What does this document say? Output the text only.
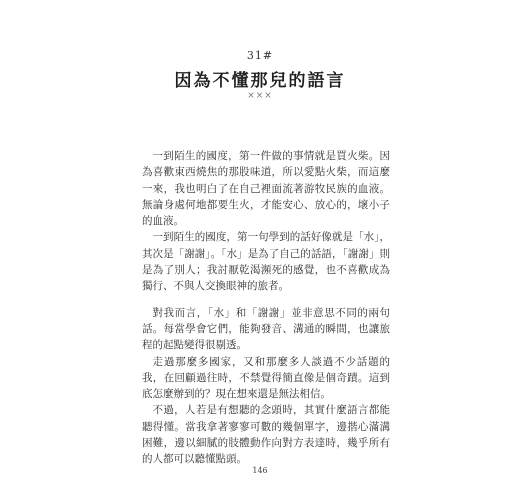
31#
因為不懂那兒的語言
×××

一到陌生的國度，第一件做的事情就是買火柴。因為喜歡東西燒焦的那股味道，所以愛點火柴，而這麼一來，我也明白了在自己裡面流著游牧民族的血液。無論身處何地都要生火，才能安心、放心的，壞小子的血液。

一到陌生的國度，第一句學到的話好像就是「水」，其次是「謝謝」。「水」是為了自己的話語，「謝謝」則是為了別人；我討厭乾渴瀕死的感覺，也不喜歡成為獨行、不與人交換眼神的旅者。

對我而言，「水」和「謝謝」並非意思不同的兩句話。每當學會它們，能夠發音、溝通的瞬間，也讓旅程的起點變得很剔透。

走過那麼多國家，又和那麼多人談過不少話題的我，在回顧過往時，不禁覺得簡直像是個奇蹟。這到底怎麼辦到的？現在想來還是無法相信。

不過，人若是有想聽的念頭時，其實什麼語言都能聽得懂。當我拿著寥寥可數的幾個單字，邊揩心滿溝困難，邊以細膩的肢體動作向對方表達時，幾乎所有的人都可以聽懂點頭。

146
